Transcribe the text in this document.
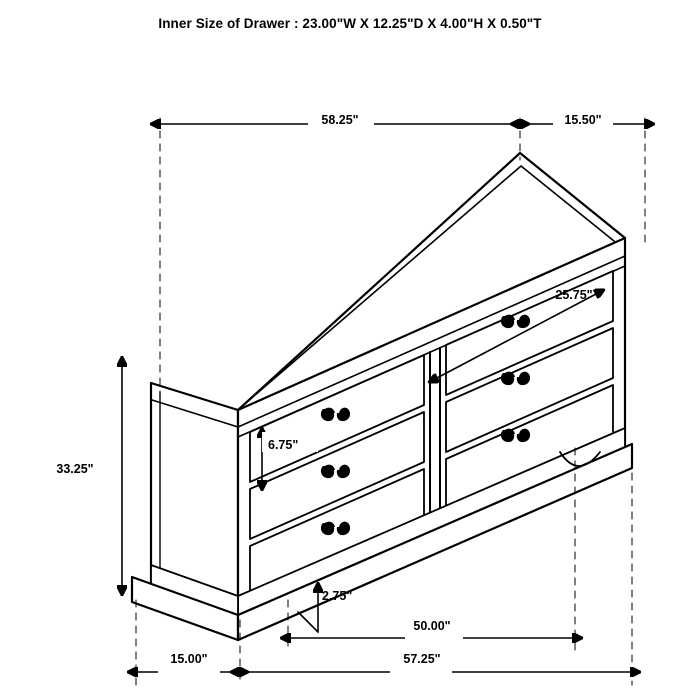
Inner Size of Drawer : 23.00"W X 12.25"D X 4.00"H X 0.50"T
58.25"	15.50"
25.75"
33.25"
6.75"
2.75"
50.00"
15.00"	57.25"
